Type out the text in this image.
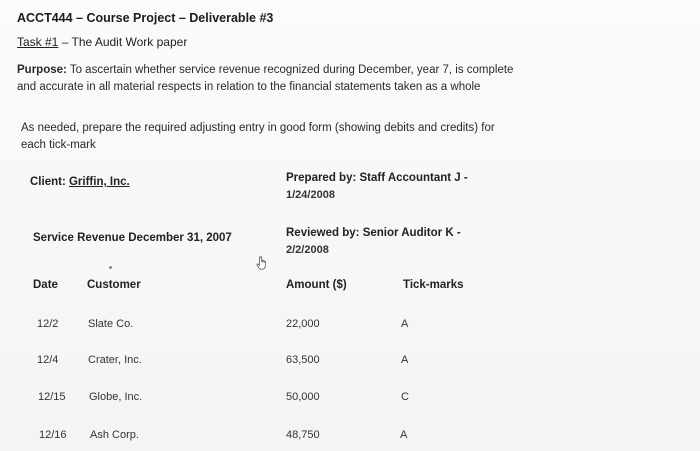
ACCT444 – Course Project – Deliverable #3
Task #1 – The Audit Work paper
Purpose: To ascertain whether service revenue recognized during December, year 7, is complete and accurate in all material respects in relation to the financial statements taken as a whole
As needed, prepare the required adjusting entry in good form (showing debits and credits) for each tick-mark
Client: Griffin, Inc.	Prepared by: Staff Accountant J -
1/24/2008
Service Revenue December 31, 2007	Reviewed by: Senior Auditor K -
2/2/2008
Date	Customer	Amount ($)	Tick-marks
12/2	Slate Co.	22,000	A
12/4	Crater, Inc.	63,500	A
12/15 Globe, Inc.	50,000	C
12/16 Ash Corp.	48,750	A
